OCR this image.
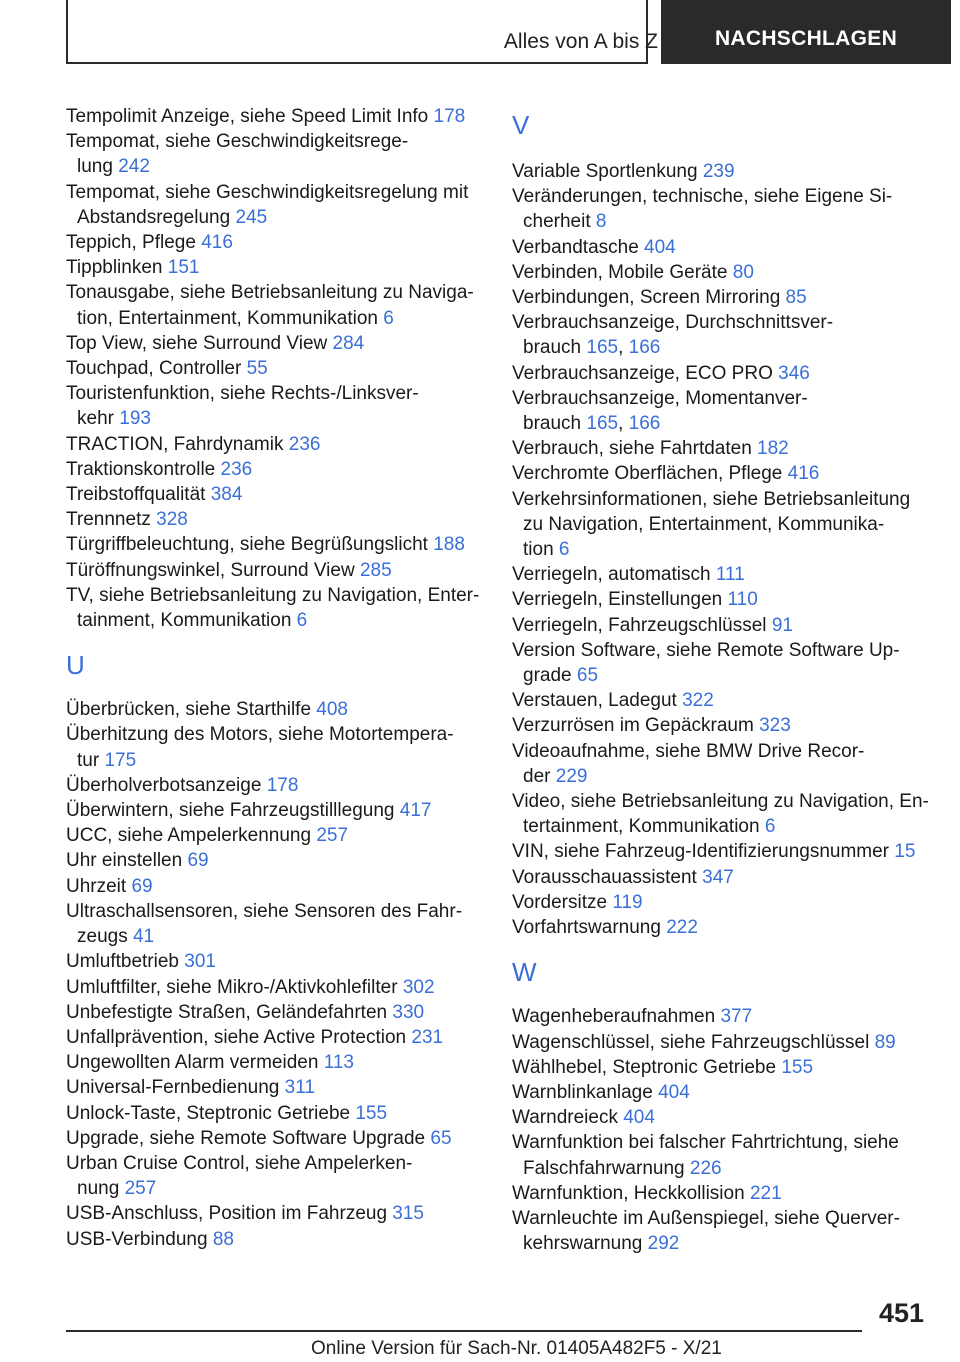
Alles von A bis Z	NACHSCHLAGEN
Tempolimit Anzeige, siehe Speed Limit Info 178
Tempomat, siehe Geschwindigkeitsrege-
lung 242
Tempomat, siehe Geschwindigkeitsregelung mit
Abstandsregelung 245
Teppich, Pflege 416
Tippblinken 151
Tonausgabe, siehe Betriebsanleitung zu Naviga-
tion, Entertainment, Kommunikation 6
Top View, siehe Surround View 284
Touchpad, Controller 55
Touristenfunktion, siehe Rechts-/Linksver-
kehr 193
TRACTION, Fahrdynamik 236
Traktionskontrolle 236
Treibstoffqualität 384
Trennnetz 328
Türgriffbeleuchtung, siehe Begrüßungslicht 188
Türöffnungswinkel, Surround View 285
TV, siehe Betriebsanleitung zu Navigation, Enter-
tainment, Kommunikation 6
U
Überbrücken, siehe Starthilfe 408
Überhitzung des Motors, siehe Motortempera-
tur 175
Überholverbotsanzeige 178
Überwintern, siehe Fahrzeugstilllegung 417
UCC, siehe Ampelerkennung 257
Uhr einstellen 69
Uhrzeit 69
Ultraschallsensoren, siehe Sensoren des Fahr-
zeugs 41
Umluftbetrieb 301
Umluftfilter, siehe Mikro-/Aktivkohlefilter 302
Unbefestigte Straßen, Geländefahrten 330
Unfallprävention, siehe Active Protection 231
Ungewollten Alarm vermeiden 113
Universal-Fernbedienung 311
Unlock-Taste, Steptronic Getriebe 155
Upgrade, siehe Remote Software Upgrade 65
Urban Cruise Control, siehe Ampelerken-
nung 257
USB-Anschluss, Position im Fahrzeug 315
USB-Verbindung 88
V
Variable Sportlenkung 239
Veränderungen, technische, siehe Eigene Si-
cherheit 8
Verbandtasche 404
Verbinden, Mobile Geräte 80
Verbindungen, Screen Mirroring 85
Verbrauchsanzeige, Durchschnittsver-
brauch 165, 166
Verbrauchsanzeige, ECO PRO 346
Verbrauchsanzeige, Momentanver-
brauch 165, 166
Verbrauch, siehe Fahrtdaten 182
Verchromte Oberflächen, Pflege 416
Verkehrsinformationen, siehe Betriebsanleitung
zu Navigation, Entertainment, Kommunika-
tion 6
Verriegeln, automatisch 111
Verriegeln, Einstellungen 110
Verriegeln, Fahrzeugschlüssel 91
Version Software, siehe Remote Software Up-
grade 65
Verstauen, Ladegut 322
Verzurrösen im Gepäckraum 323
Videoaufnahme, siehe BMW Drive Recor-
der 229
Video, siehe Betriebsanleitung zu Navigation, En-
tertainment, Kommunikation 6
VIN, siehe Fahrzeug-Identifizierungsnummer 15
Vorausschauassistent 347
Vordersitze 119
Vorfahrtswarnung 222
W
Wagenheberaufnahmen 377
Wagenschlüssel, siehe Fahrzeugschlüssel 89
Wählhebel, Steptronic Getriebe 155
Warnblinkanlage 404
Warndreieck 404
Warnfunktion bei falscher Fahrtrichtung, siehe
Falschfahrwarnung 226
Warnfunktion, Heckkollision 221
Warnleuchte im Außenspiegel, siehe Querver-
kehrswarnung 292
451
Online Version für Sach-Nr. 01405A482F5 - X/21
